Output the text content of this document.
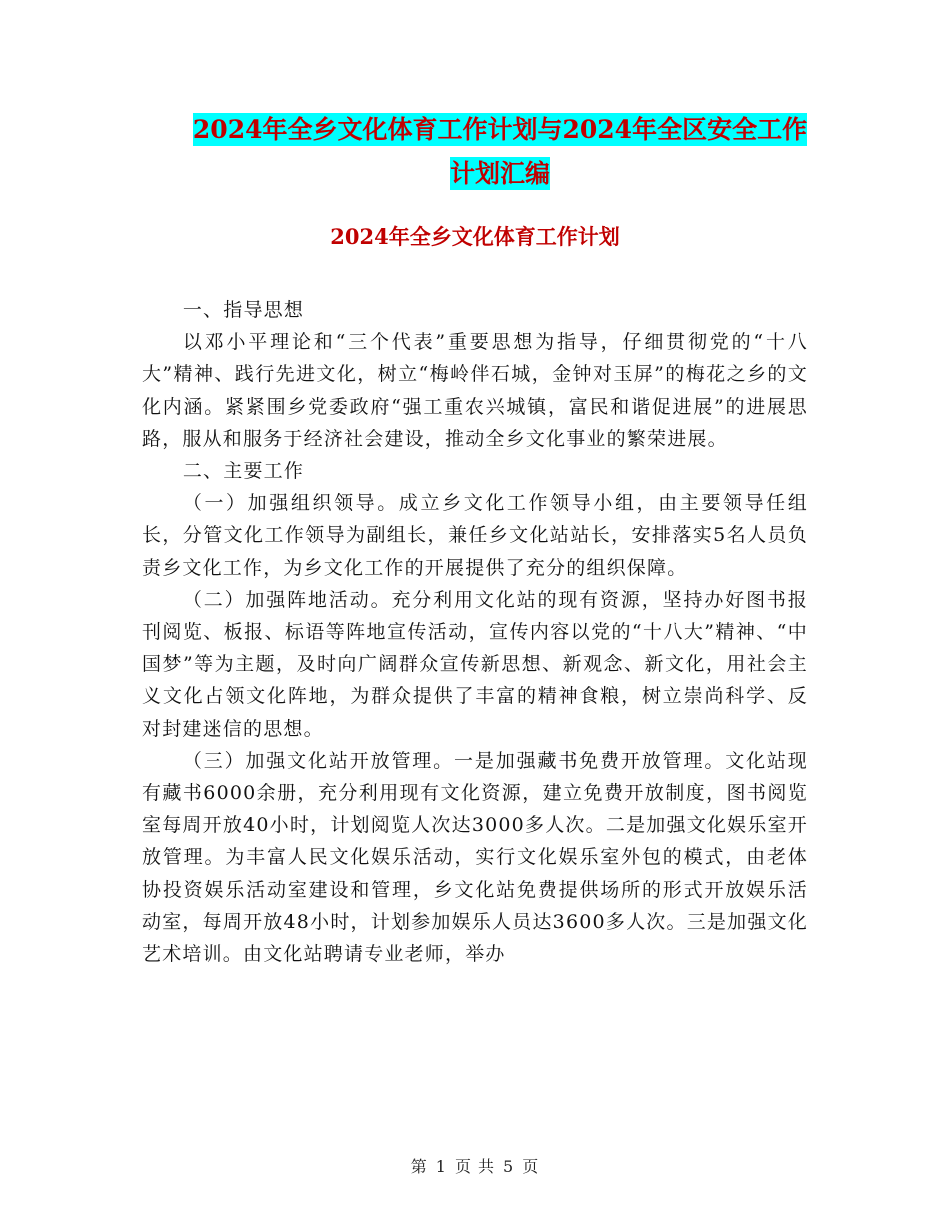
2024年全乡文化体育工作计划与2024年全区安全工作
计划汇编
2024年全乡文化体育工作计划

一、指导思想

以邓小平理论和“三个代表”重要思想为指导，仔细贯彻党的“十八大”精神、践行先进文化，树立“梅岭伴石城，金钟对玉屏”的梅花之乡的文化内涵。紧紧围乡党委政府“强工重农兴城镇，富民和谐促进展”的进展思路，服从和服务于经济社会建设，推动全乡文化事业的繁荣进展。

二、主要工作

（一）加强组织领导。成立乡文化工作领导小组，由主要领导任组长，分管文化工作领导为副组长，兼任乡文化站站长，安排落实5名人员负责乡文化工作，为乡文化工作的开展提供了充分的组织保障。

（二）加强阵地活动。充分利用文化站的现有资源，坚持办好图书报刊阅览、板报、标语等阵地宣传活动，宣传内容以党的“十八大”精神、“中国梦”等为主题，及时向广阔群众宣传新思想、新观念、新文化，用社会主义文化占领文化阵地，为群众提供了丰富的精神食粮，树立崇尚科学、反对封建迷信的思想。

（三）加强文化站开放管理。一是加强藏书免费开放管理。文化站现有藏书6000余册，充分利用现有文化资源，建立免费开放制度，图书阅览室每周开放40小时，计划阅览人次达3000多人次。二是加强文化娱乐室开放管理。为丰富人民文化娱乐活动，实行文化娱乐室外包的模式，由老体协投资娱乐活动室建设和管理，乡文化站免费提供场所的形式开放娱乐活动室，每周开放48小时，计划参加娱乐人员达3600多人次。三是加强文化艺术培训。由文化站聘请专业老师，举办

第 1 页 共 5 页
